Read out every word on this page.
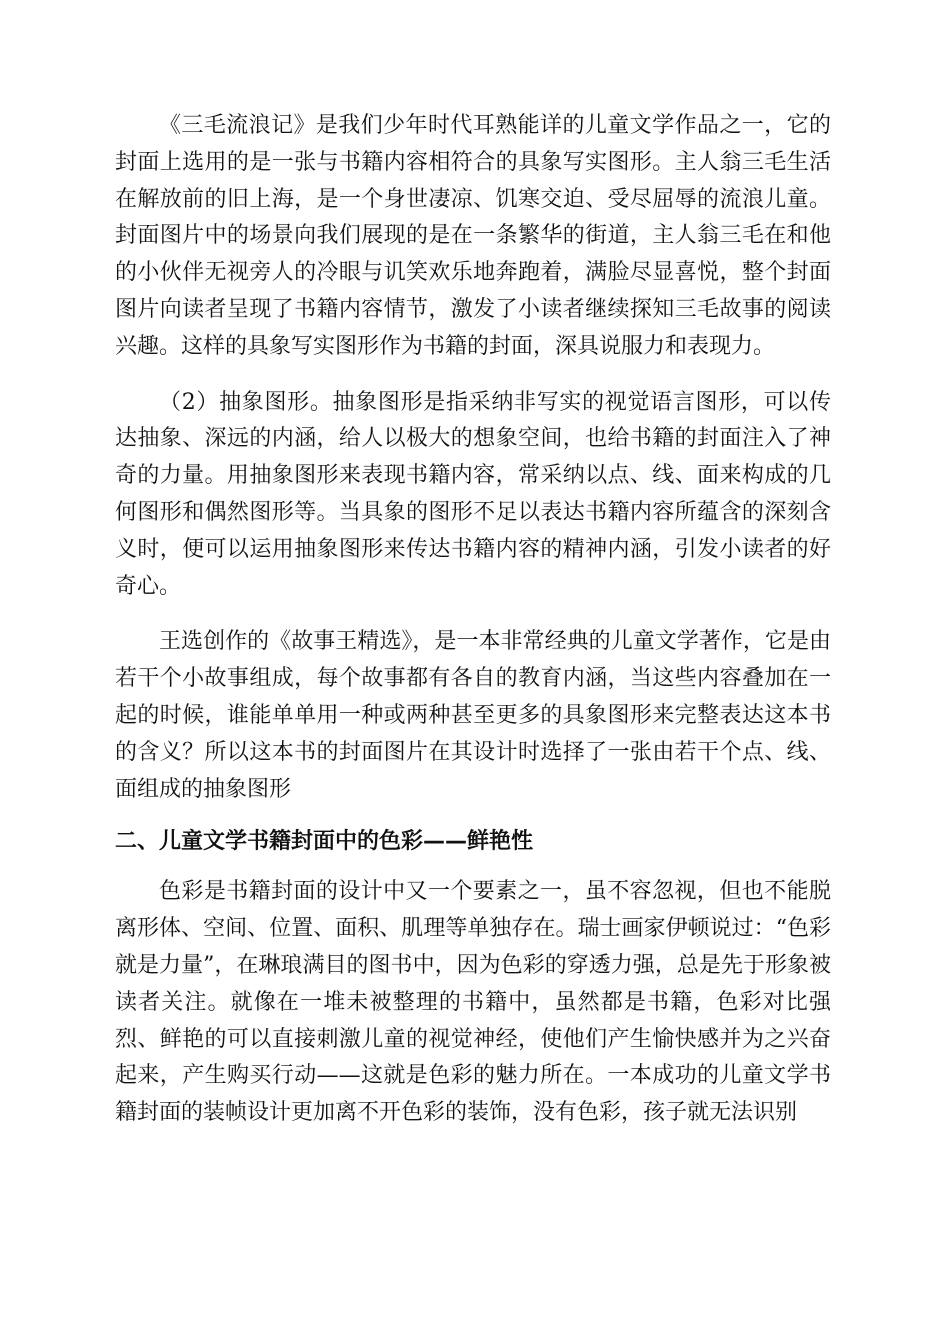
《三毛流浪记》是我们少年时代耳熟能详的儿童文学作品之一，它的封面上选用的是一张与书籍内容相符合的具象写实图形。主人翁三毛生活在解放前的旧上海，是一个身世凄凉、饥寒交迫、受尽屈辱的流浪儿童。封面图片中的场景向我们展现的是在一条繁华的街道，主人翁三毛在和他的小伙伴无视旁人的冷眼与讥笑欢乐地奔跑着，满脸尽显喜悦，整个封面图片向读者呈现了书籍内容情节，激发了小读者继续探知三毛故事的阅读兴趣。这样的具象写实图形作为书籍的封面，深具说服力和表现力。

（2）抽象图形。抽象图形是指采纳非写实的视觉语言图形，可以传达抽象、深远的内涵，给人以极大的想象空间，也给书籍的封面注入了神奇的力量。用抽象图形来表现书籍内容，常采纳以点、线、面来构成的几何图形和偶然图形等。当具象的图形不足以表达书籍内容所蕴含的深刻含义时，便可以运用抽象图形来传达书籍内容的精神内涵，引发小读者的好奇心。

王选创作的《故事王精选》，是一本非常经典的儿童文学著作，它是由若干个小故事组成，每个故事都有各自的教育内涵，当这些内容叠加在一起的时候，谁能单单用一种或两种甚至更多的具象图形来完整表达这本书的含义？所以这本书的封面图片在其设计时选择了一张由若干个点、线、面组成的抽象图形

二、儿童文学书籍封面中的色彩——鲜艳性

色彩是书籍封面的设计中又一个要素之一，虽不容忽视，但也不能脱离形体、空间、位置、面积、肌理等单独存在。瑞士画家伊顿说过：“色彩就是力量”，在琳琅满目的图书中，因为色彩的穿透力强，总是先于形象被读者关注。就像在一堆未被整理的书籍中，虽然都是书籍，色彩对比强烈、鲜艳的可以直接刺激儿童的视觉神经，使他们产生愉快感并为之兴奋起来，产生购买行动——这就是色彩的魅力所在。一本成功的儿童文学书籍封面的装帧设计更加离不开色彩的装饰，没有色彩，孩子就无法识别
